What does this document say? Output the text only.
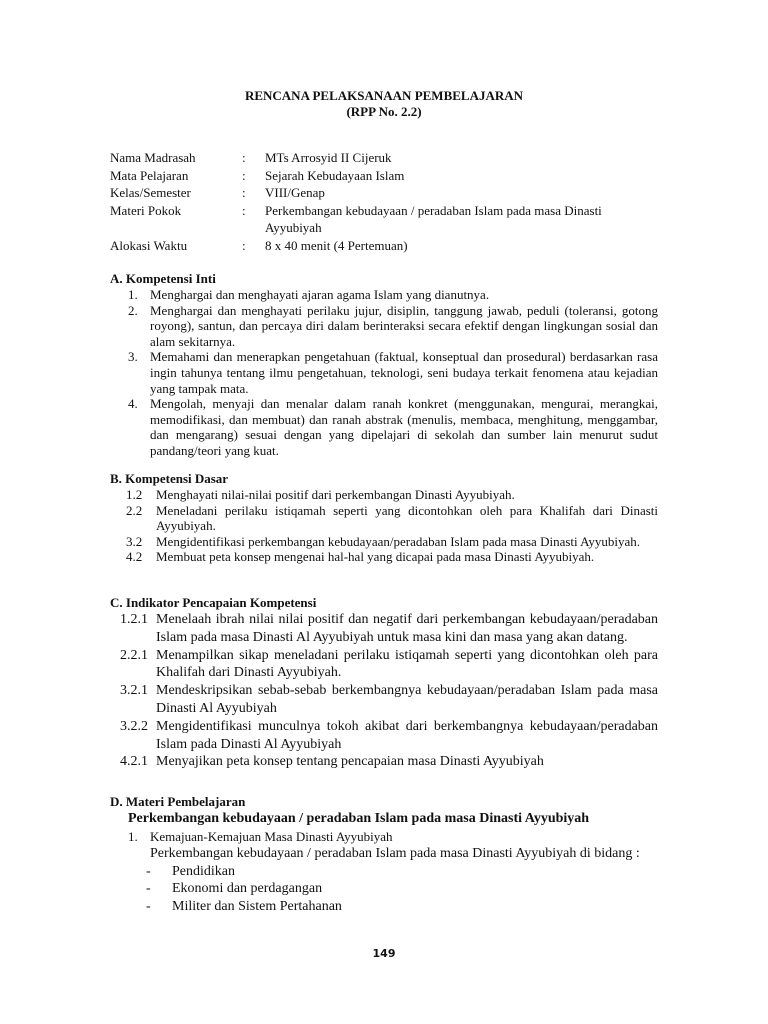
RENCANA PELAKSANAAN PEMBELAJARAN
(RPP No. 2.2)
Nama Madrasah	:	MTs Arrosyid II Cijeruk
Mata Pelajaran	:	Sejarah Kebudayaan Islam
Kelas/Semester	:	VIII/Genap
Materi Pokok	:	Perkembangan kebudayaan / peradaban Islam pada masa Dinasti Ayyubiyah
Alokasi Waktu	:	8 x 40 menit (4 Pertemuan)
A. Kompetensi Inti
1. Menghargai dan menghayati ajaran agama Islam yang dianutnya.
2. Menghargai dan menghayati perilaku jujur, disiplin, tanggung jawab, peduli (toleransi, gotong royong), santun, dan percaya diri dalam berinteraksi secara efektif dengan lingkungan sosial dan alam sekitarnya.
3. Memahami dan menerapkan pengetahuan (faktual, konseptual dan prosedural) berdasarkan rasa ingin tahunya tentang ilmu pengetahuan, teknologi, seni budaya terkait fenomena atau kejadian yang tampak mata.
4. Mengolah, menyaji dan menalar dalam ranah konkret (menggunakan, mengurai, merangkai, memodifikasi, dan membuat) dan ranah abstrak (menulis, membaca, menghitung, menggambar, dan mengarang) sesuai dengan yang dipelajari di sekolah dan sumber lain menurut sudut pandang/teori yang kuat.
B. Kompetensi Dasar
1.2	Menghayati nilai-nilai positif dari perkembangan Dinasti Ayyubiyah.
2.2	Meneladani perilaku istiqamah seperti yang dicontohkan oleh para Khalifah dari Dinasti Ayyubiyah.
3.2	Mengidentifikasi perkembangan kebudayaan/peradaban Islam pada masa Dinasti Ayyubiyah.
4.2	Membuat peta konsep mengenai hal-hal yang dicapai pada masa Dinasti Ayyubiyah.
C. Indikator Pencapaian Kompetensi
1.2.1 Menelaah ibrah nilai nilai positif dan negatif dari perkembangan kebudayaan/peradaban Islam pada masa Dinasti Al Ayyubiyah untuk masa kini dan masa yang akan datang.
2.2.1 Menampilkan sikap meneladani perilaku istiqamah seperti yang dicontohkan oleh para Khalifah dari Dinasti Ayyubiyah.
3.2.1 Mendeskripsikan sebab-sebab berkembangnya kebudayaan/peradaban Islam pada masa Dinasti Al Ayyubiyah
3.2.2 Mengidentifikasi munculnya tokoh akibat dari berkembangnya kebudayaan/peradaban Islam pada Dinasti Al Ayyubiyah
4.2.1 Menyajikan peta konsep tentang pencapaian masa Dinasti Ayyubiyah
D. Materi Pembelajaran
Perkembangan kebudayaan / peradaban Islam pada masa Dinasti Ayyubiyah
1. Kemajuan-Kemajuan Masa Dinasti Ayyubiyah
Perkembangan kebudayaan / peradaban Islam pada masa Dinasti Ayyubiyah di bidang :
-	Pendidikan
-	Ekonomi dan perdagangan
-	Militer dan Sistem Pertahanan
149
